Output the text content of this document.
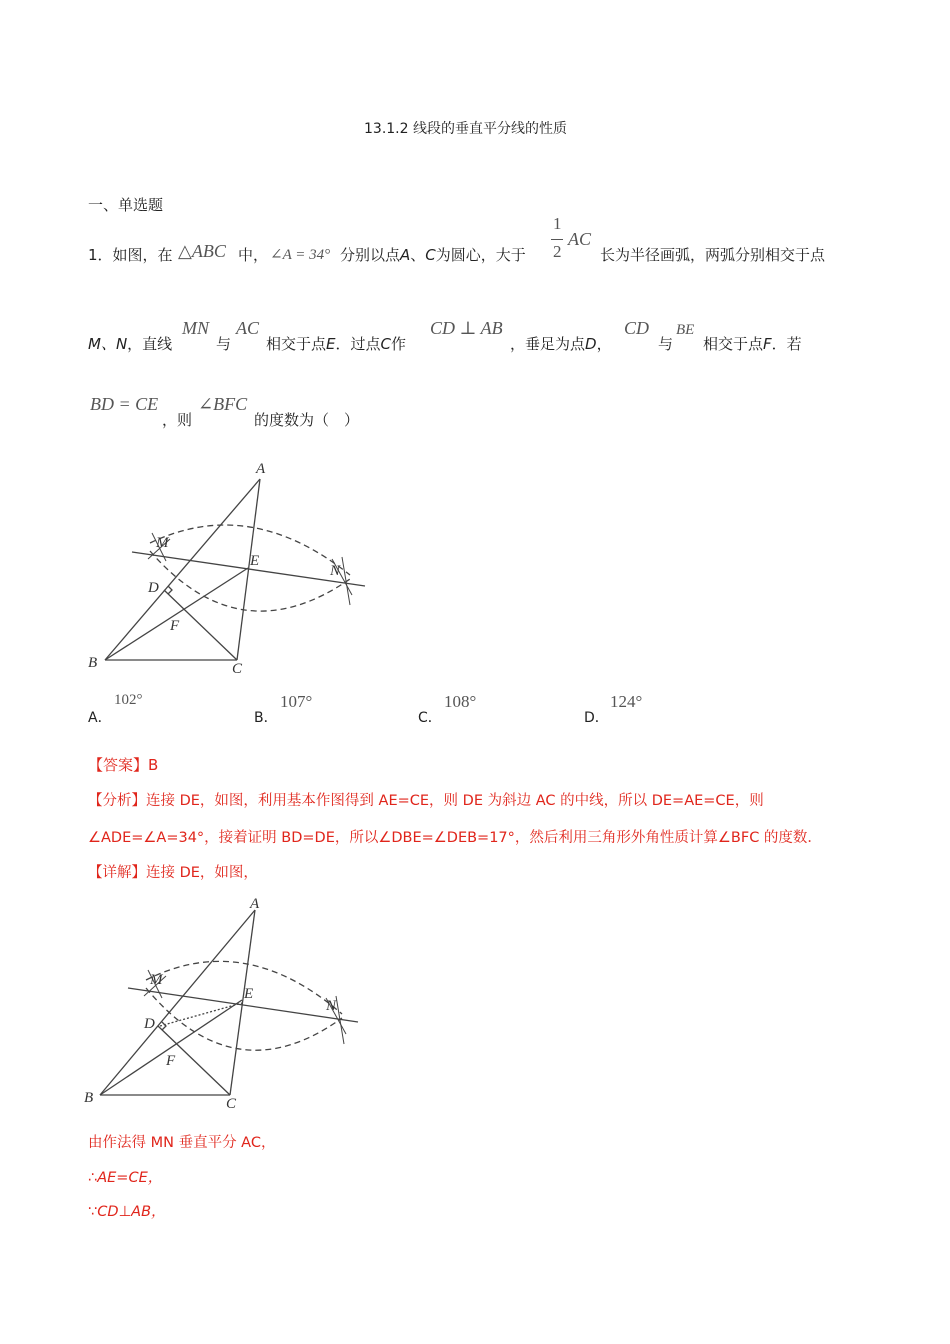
13.1.2 线段的垂直平分线的性质
一、单选题
1．如图，在 △ABC 中， ∠A = 34° 分别以点A、C为圆心，大于
1
2
AC
长为半径画弧，两弧分别相交于点
M、N，直线
MN
与
AC
相交于点E．过点C作
CD ⊥ AB
，垂足为点D，
CD
与
BE
相交于点F．若
BD = CE
，则
∠BFC
的度数为（　）
A
B	C
D
E
F
M
N
A．
102°
B．
107°
C．
108°
D．
124°
【答案】B
【分析】连接 DE，如图，利用基本作图得到 AE=CE，则 DE 为斜边 AC 的中线，所以 DE=AE=CE，则
∠ADE=∠A=34°，接着证明 BD=DE，所以∠DBE=∠DEB=17°，然后利用三角形外角性质计算∠BFC 的度数．
【详解】连接 DE，如图，
A
B	C
D
E
F
M
N
由作法得 MN 垂直平分 AC，
∴AE=CE，
∵CD⊥AB，
